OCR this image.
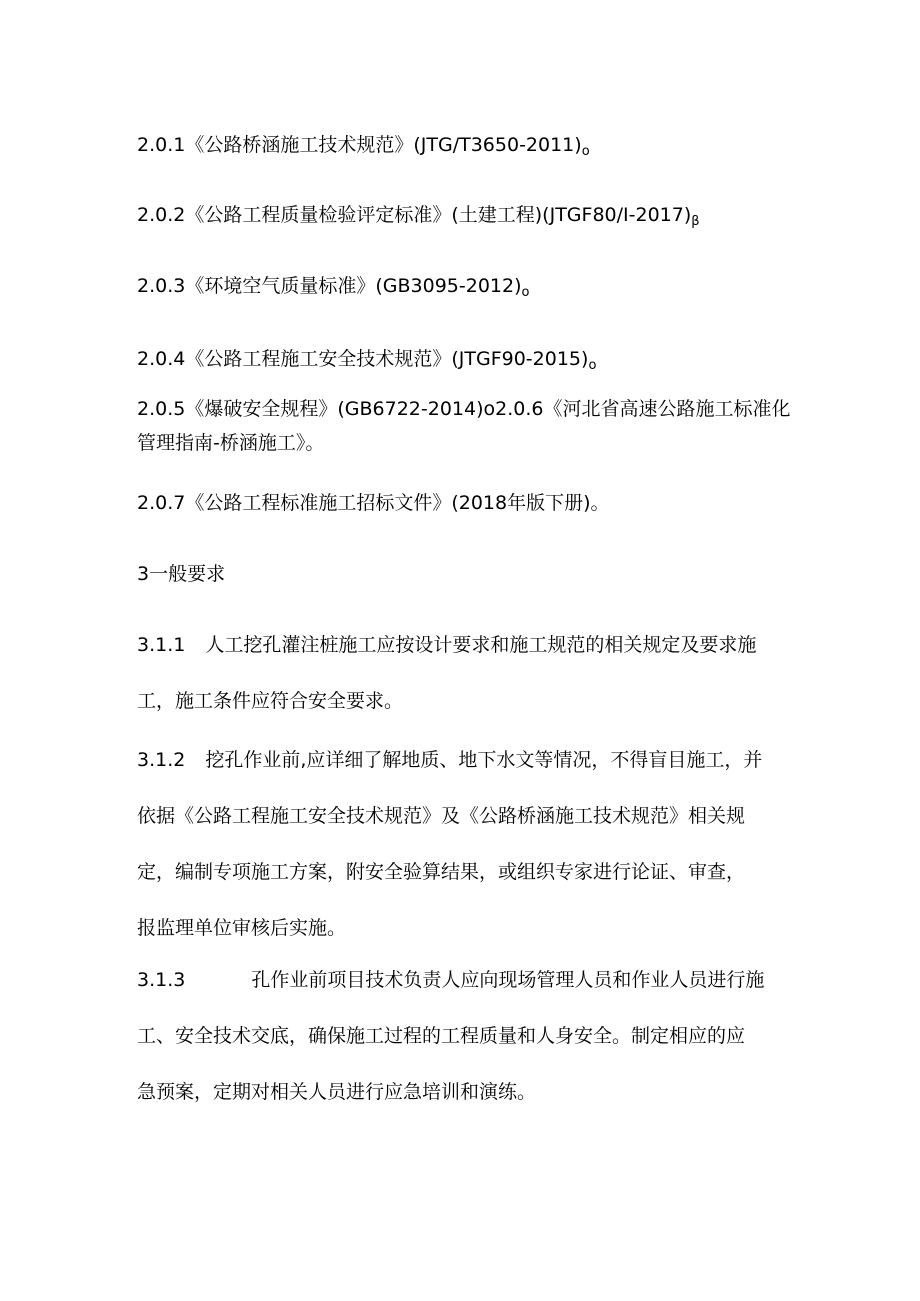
2.0.1《公路桥涵施工技术规范》$(JTG/T3650-2011)_o$
2.0.2《公路工程质量检验评定标准》(土建工程)$(JTGF80/I-2017)_\beta$
2.0.3《环境空气质量标准》$(GB3095-2012)_o$
2.0.4《公路工程施工安全技术规范》$(JTGF90-2015)_o$
2.0.5《爆破安全规程》(GB6722-2014)o2.0.6《河北省高速公路施工标准化
管理指南-桥涵施工》。
2.0.7《公路工程标准施工招标文件》(2018年版下册)。
3一般要求
3.1.1 人工挖孔灌注桩施工应按设计要求和施工规范的相关规定及要求施
工，施工条件应符合安全要求。
3.1.2 挖孔作业前,应详细了解地质、地下水文等情况，不得盲目施工，并
依据《公路工程施工安全技术规范》及《公路桥涵施工技术规范》相关规
定，编制专项施工方案，附安全验算结果，或组织专家进行论证、审查，
报监理单位审核后实施。
3.1.3	孔作业前项目技术负责人应向现场管理人员和作业人员进行施
工、安全技术交底，确保施工过程的工程质量和人身安全。制定相应的应
急预案，定期对相关人员进行应急培训和演练。
